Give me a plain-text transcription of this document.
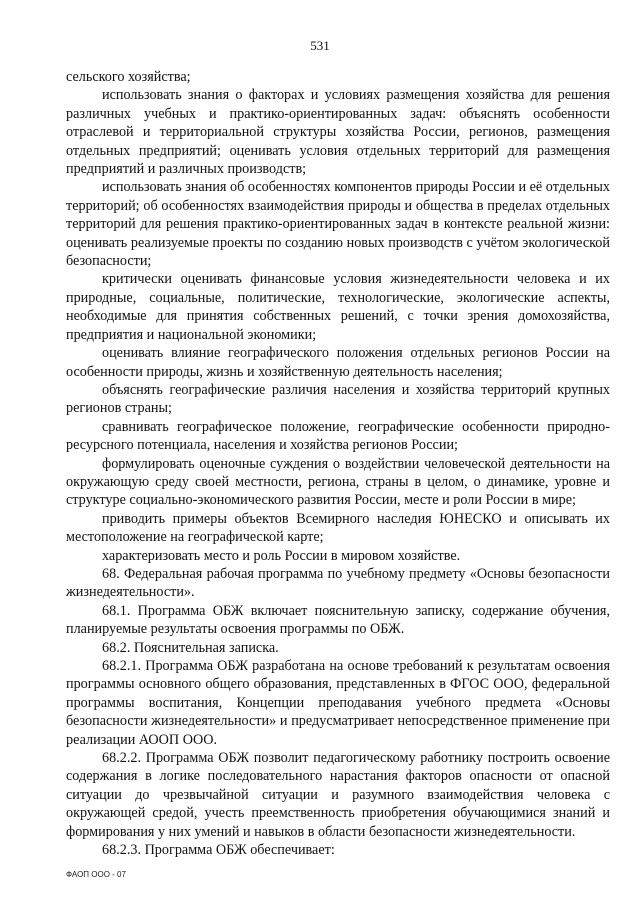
531

сельского хозяйства;

использовать знания о факторах и условиях размещения хозяйства для решения различных учебных и практико-ориентированных задач: объяснять особенности отраслевой и территориальной структуры хозяйства России, регионов, размещения отдельных предприятий; оценивать условия отдельных территорий для размещения предприятий и различных производств;

использовать знания об особенностях компонентов природы России и её отдельных территорий; об особенностях взаимодействия природы и общества в пределах отдельных территорий для решения практико-ориентированных задач в контексте реальной жизни: оценивать реализуемые проекты по созданию новых производств с учётом экологической безопасности;

критически оценивать финансовые условия жизнедеятельности человека и их природные, социальные, политические, технологические, экологические аспекты, необходимые для принятия собственных решений, с точки зрения домохозяйства, предприятия и национальной экономики;

оценивать влияние географического положения отдельных регионов России на особенности природы, жизнь и хозяйственную деятельность населения;

объяснять географические различия населения и хозяйства территорий крупных регионов страны;

сравнивать географическое положение, географические особенности природно-ресурсного потенциала, населения и хозяйства регионов России;

формулировать оценочные суждения о воздействии человеческой деятельности на окружающую среду своей местности, региона, страны в целом, о динамике, уровне и структуре социально-экономического развития России, месте и роли России в мире;

приводить примеры объектов Всемирного наследия ЮНЕСКО и описывать их местоположение на географической карте;

характеризовать место и роль России в мировом хозяйстве.

68. Федеральная рабочая программа по учебному предмету «Основы безопасности жизнедеятельности».

68.1. Программа ОБЖ включает пояснительную записку, содержание обучения, планируемые результаты освоения программы по ОБЖ.

68.2. Пояснительная записка.

68.2.1. Программа ОБЖ разработана на основе требований к результатам освоения программы основного общего образования, представленных в ФГОС ООО, федеральной программы воспитания, Концепции преподавания учебного предмета «Основы безопасности жизнедеятельности» и предусматривает непосредственное применение при реализации АООП ООО.

68.2.2. Программа ОБЖ позволит педагогическому работнику построить освоение содержания в логике последовательного нарастания факторов опасности от опасной ситуации до чрезвычайной ситуации и разумного взаимодействия человека с окружающей средой, учесть преемственность приобретения обучающимися знаний и формирования у них умений и навыков в области безопасности жизнедеятельности.

68.2.3. Программа ОБЖ обеспечивает:

ФАОП ООО - 07
